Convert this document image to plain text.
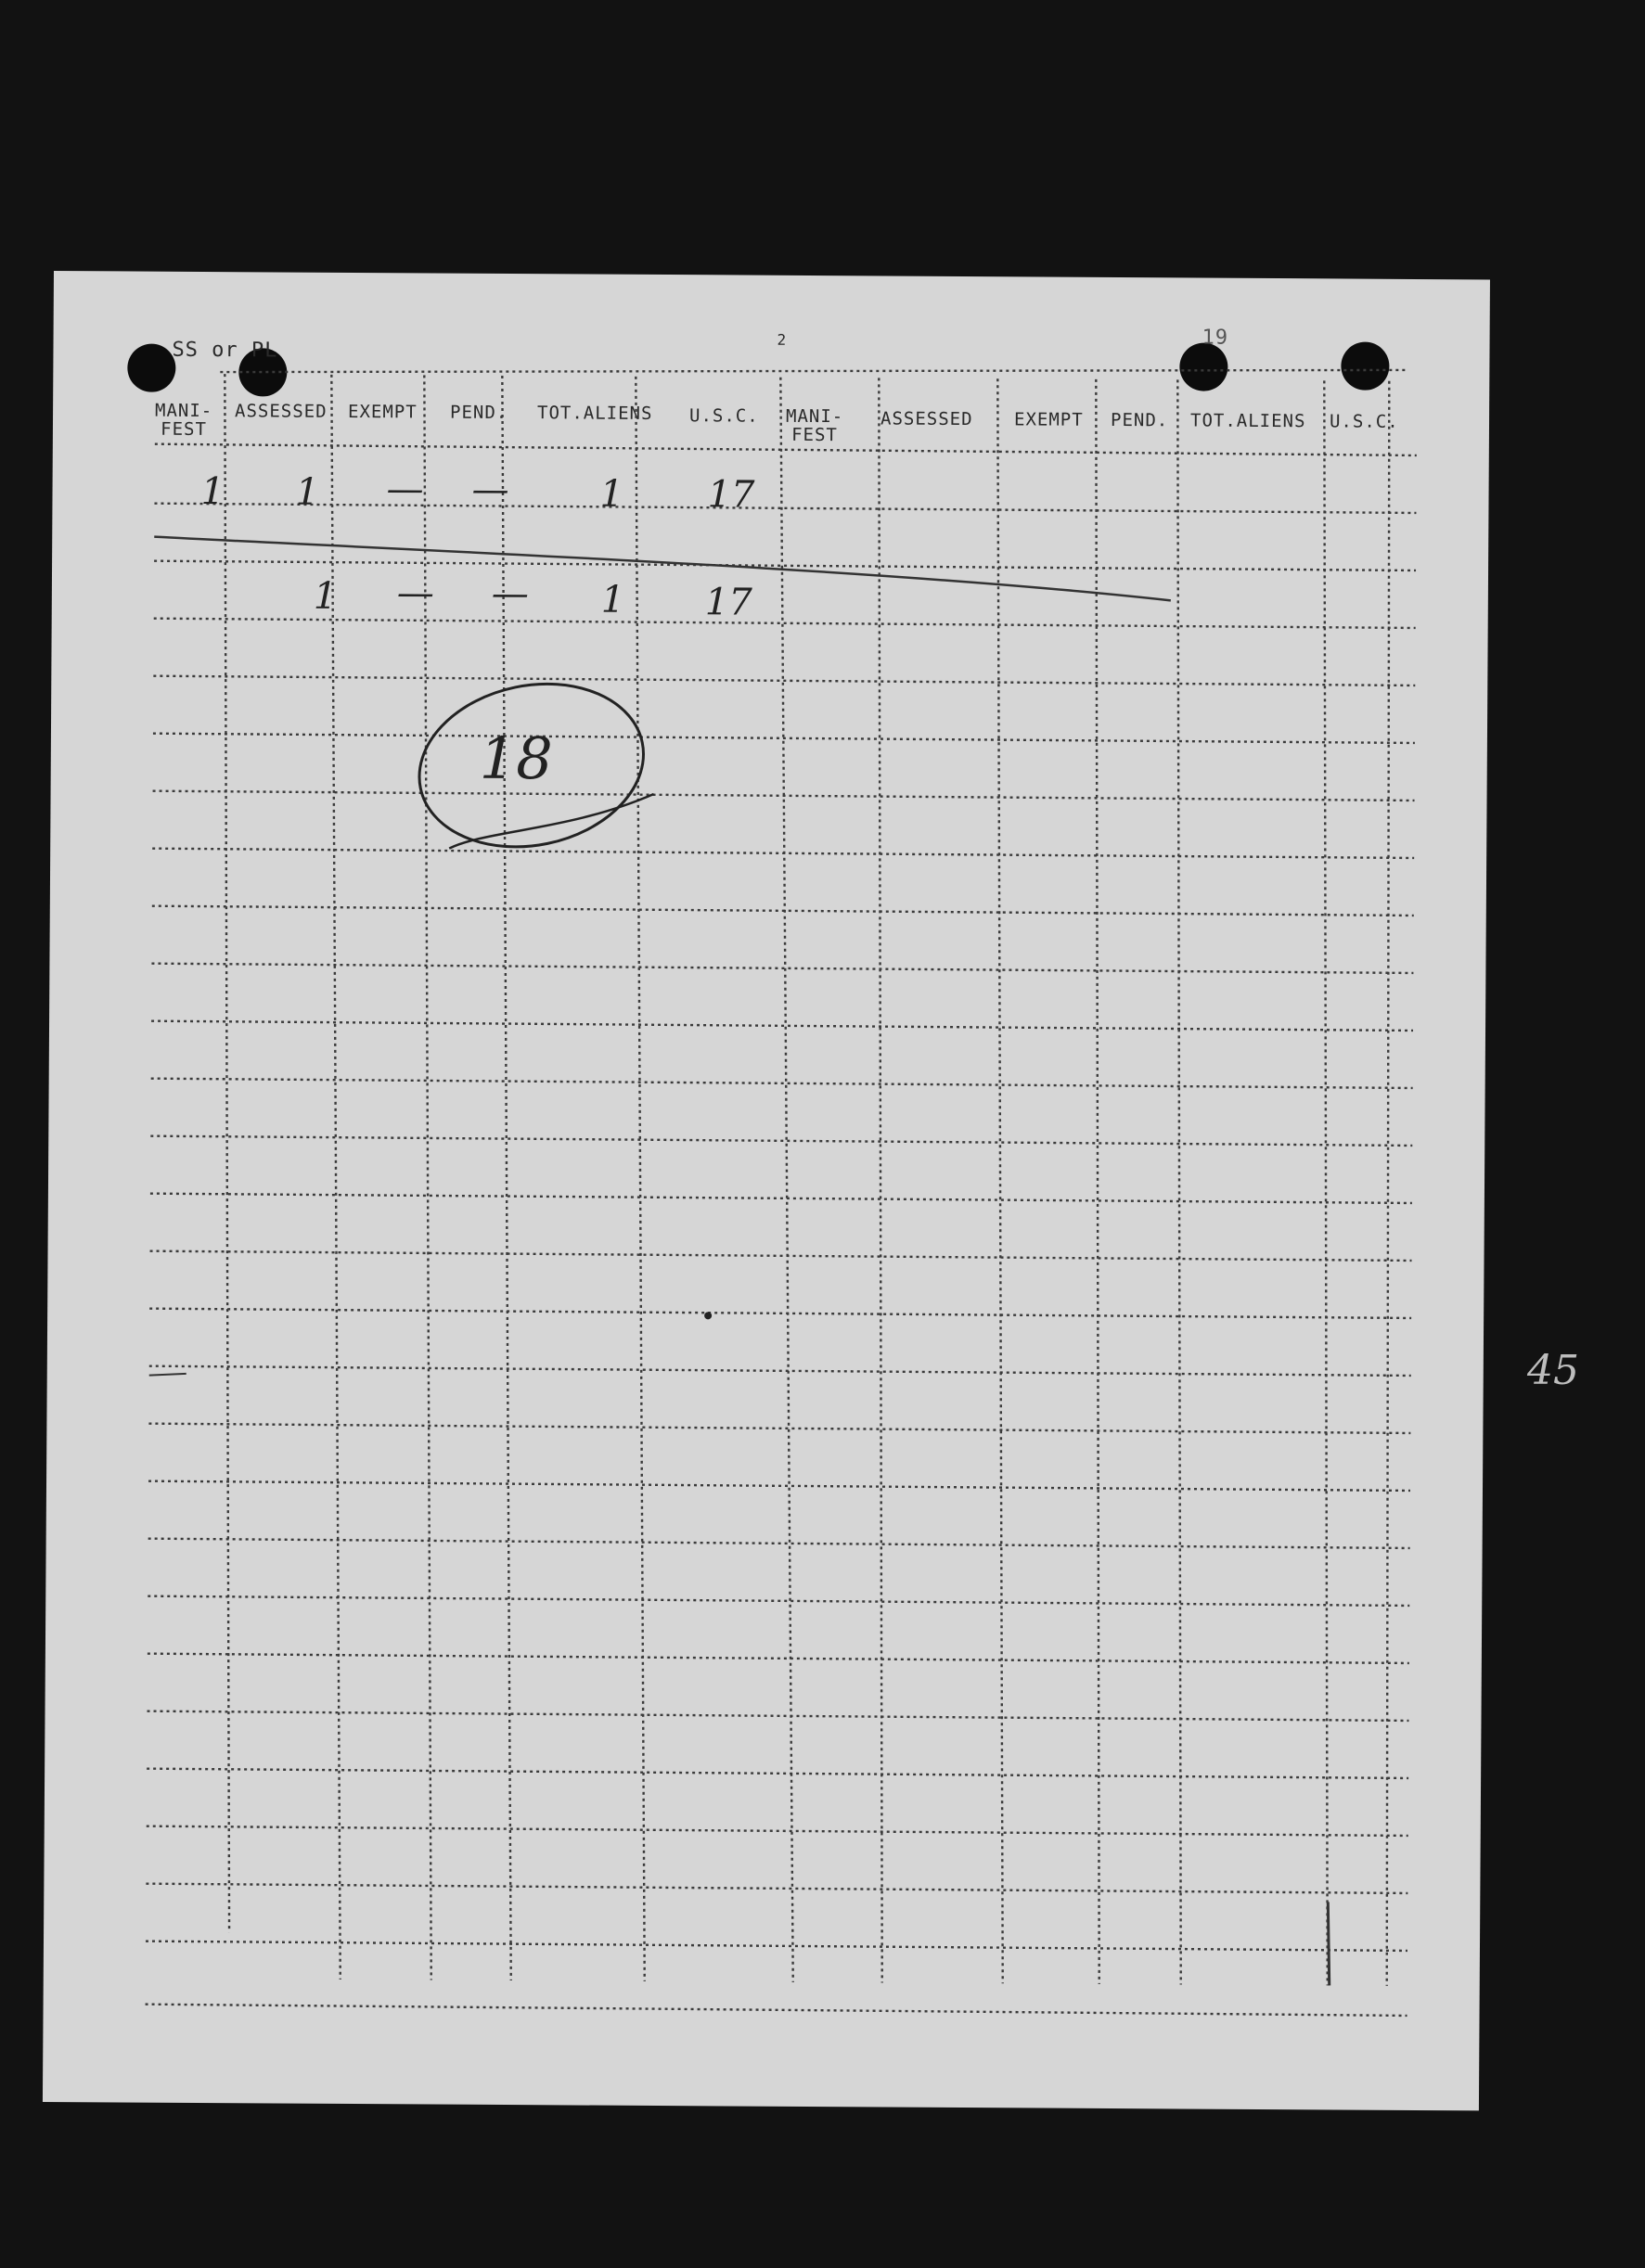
SS or PL	2	19
MANI-
FEST
ASSESSED EXEMPT PEND. TOT.ALIENS U.S.C. MANI-
FEST
ASSESSED EXEMPT PEND. TOT.ALIENS U.S.C.
1 1 — — 1 17
1 — — 1 17
18
45
